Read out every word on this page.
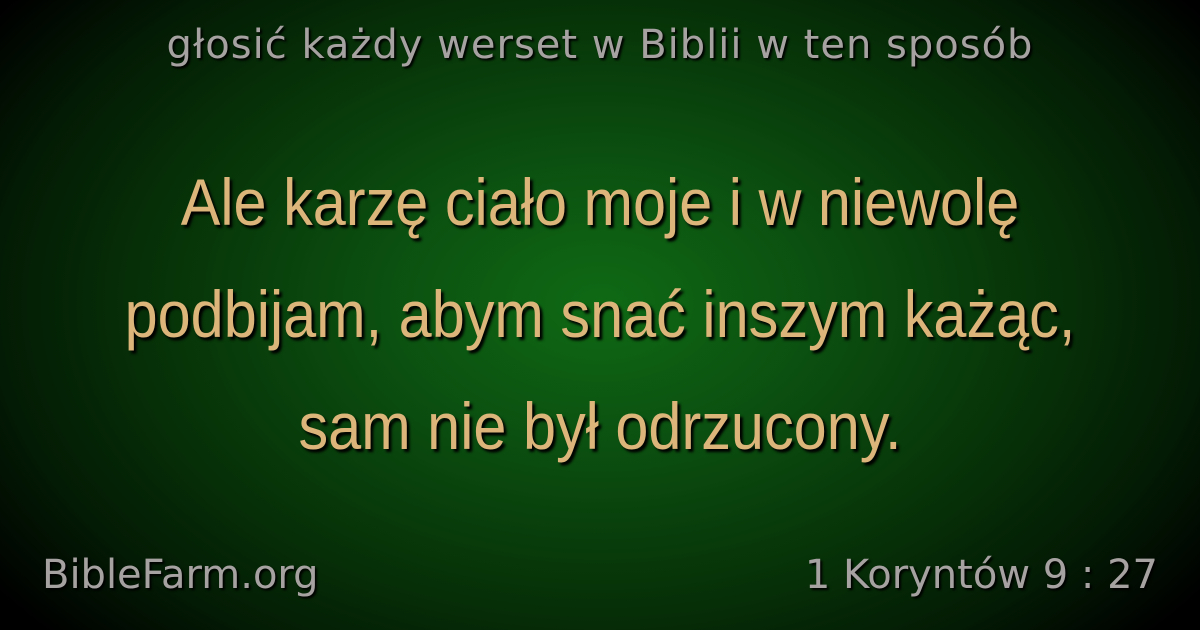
głosić każdy werset w Biblii w ten sposób
Ale karzę ciało moje i w niewolę podbijam, abym snać inszym każąc, sam nie był odrzucony.
BibleFarm.org	1 Koryntów 9 : 27
